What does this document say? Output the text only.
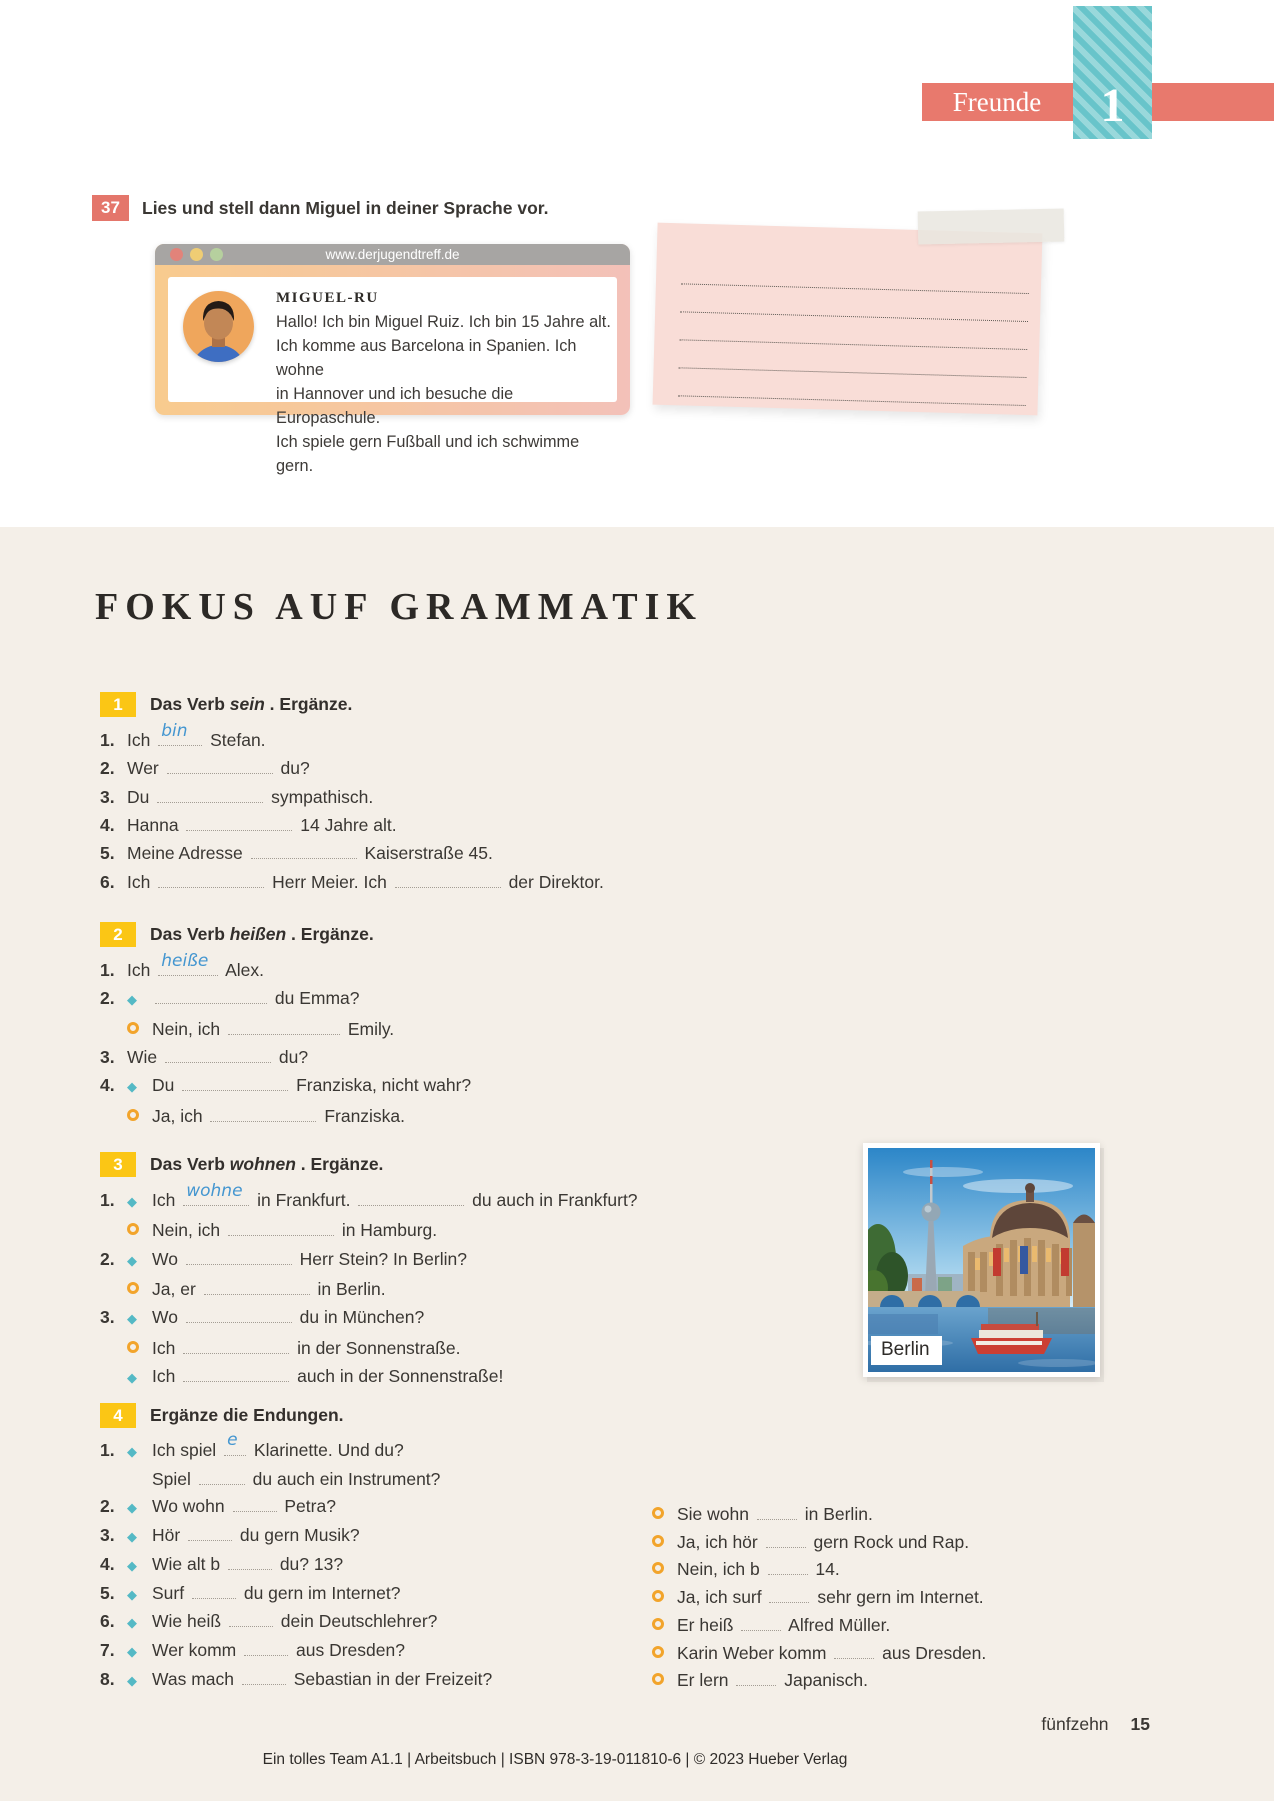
Freunde	1
37	Lies und stell dann Miguel in deiner Sprache vor.
www.derjugendtreff.de
MIGUEL-RU
Hallo! Ich bin Miguel Ruiz. Ich bin 15 Jahre alt.
Ich komme aus Barcelona in Spanien. Ich wohne
in Hannover und ich besuche die Europaschule.
Ich spiele gern Fußball und ich schwimme gern.
FOKUS AUF GRAMMATIK
1	Das Verb sein . Ergänze.
1. Ich bin Stefan.
2. Wer	du?
3. Du	sympathisch.
4. Hanna	14 Jahre alt.
5. Meine Adresse	Kaiserstraße 45.
6. Ich	Herr Meier. Ich	der Direktor.
2	Das Verb heißen . Ergänze.
1. Ich heiße Alex.
2. ◆	du Emma?
Nein, ich	Emily.
3. Wie	du?
4. ◆ Du	Franziska, nicht wahr?
Ja, ich	Franziska.
3	Das Verb wohnen . Ergänze.
1. ◆ Ich wohne in Frankfurt.	du auch in Frankfurt?
Nein, ich	in Hamburg.
2. ◆ Wo	Herr Stein? In Berlin?
Ja, er	in Berlin.
3. ◆ Wo	du in München?
Ich	in der Sonnenstraße.
◆ Ich	auch in der Sonnenstraße!
4	Ergänze die Endungen.
1. ◆ Ich spiel e Klarinette. Und du?
Spiel	du auch ein Instrument?
2. ◆ Wo wohn	Petra?
3. ◆ Hör	du gern Musik?
4. ◆ Wie alt b	du? 13?
5. ◆ Surf	du gern im Internet?
6. ◆ Wie heiß	dein Deutschlehrer?
7. ◆ Wer komm	aus Dresden?
8. ◆ Was mach	Sebastian in der Freizeit?
Sie wohn	in Berlin.
Ja, ich hör	gern Rock und Rap.
Nein, ich b	14.
Ja, ich surf	sehr gern im Internet.
Er heiß	Alfred Müller.
Karin Weber komm	aus Dresden.
Er lern	Japanisch.
Berlin
fünfzehn 15
Ein tolles Team A1.1 | Arbeitsbuch | ISBN 978-3-19-011810-6 | © 2023 Hueber Verlag
